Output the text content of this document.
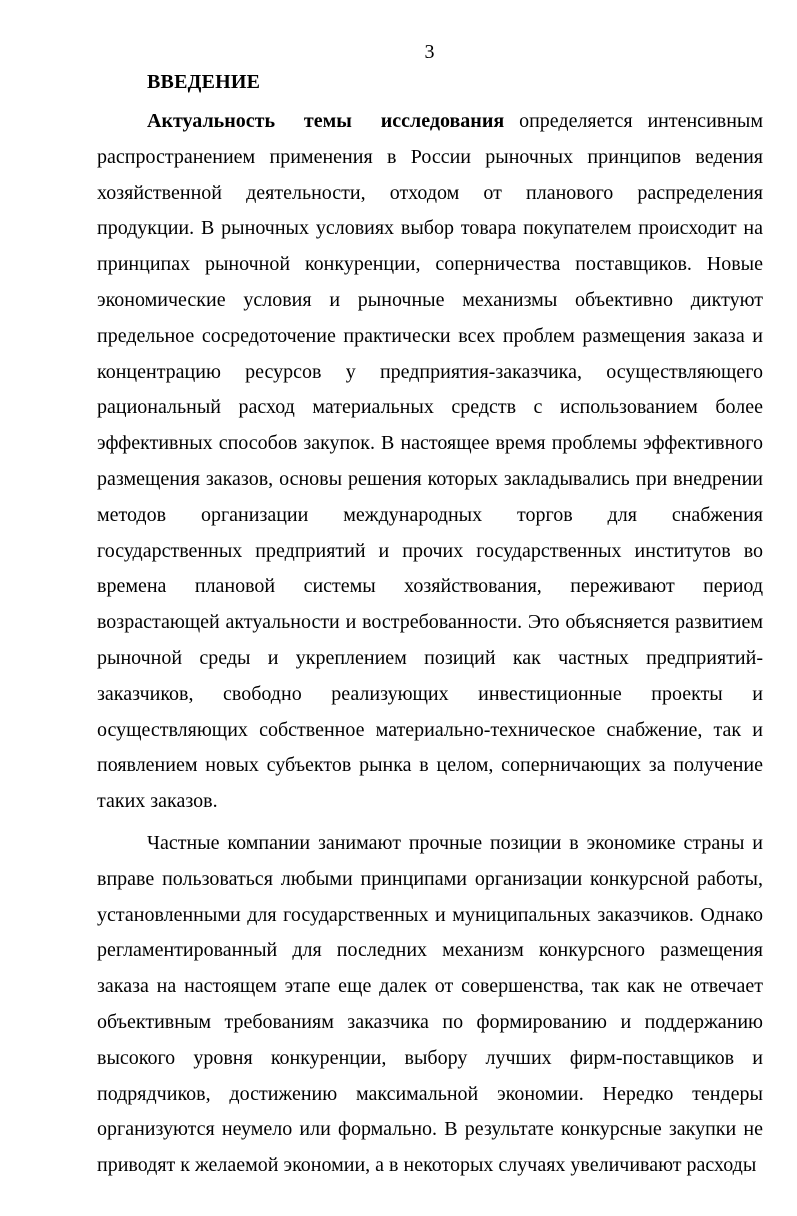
3
ВВЕДЕНИЕ

Актуальность темы исследования определяется интенсивным распространением применения в России рыночных принципов ведения хозяйственной деятельности, отходом от планового распределения продукции. В рыночных условиях выбор товара покупателем происходит на принципах рыночной конкуренции, соперничества поставщиков. Новые экономические условия и рыночные механизмы объективно диктуют предельное сосредоточение практически всех проблем размещения заказа и концентрацию ресурсов у предприятия-заказчика, осуществляющего рациональный расход материальных средств с использованием более эффективных способов закупок. В настоящее время проблемы эффективного размещения заказов, основы решения которых закладывались при внедрении методов организации международных торгов для снабжения государственных предприятий и прочих государственных институтов во времена плановой системы хозяйствования, переживают период возрастающей актуальности и востребованности. Это объясняется развитием рыночной среды и укреплением позиций как частных предприятий-заказчиков, свободно реализующих инвестиционные проекты и осуществляющих собственное материально-техническое снабжение, так и появлением новых субъектов рынка в целом, соперничающих за получение таких заказов.

Частные компании занимают прочные позиции в экономике страны и вправе пользоваться любыми принципами организации конкурсной работы, установленными для государственных и муниципальных заказчиков. Однако регламентированный для последних механизм конкурсного размещения заказа на настоящем этапе еще далек от совершенства, так как не отвечает объективным требованиям заказчика по формированию и поддержанию высокого уровня конкуренции, выбору лучших фирм-поставщиков и подрядчиков, достижению максимальной экономии. Нередко тендеры организуются неумело или формально. В результате конкурсные закупки не приводят к желаемой экономии, а в некоторых случаях увеличивают расходы
